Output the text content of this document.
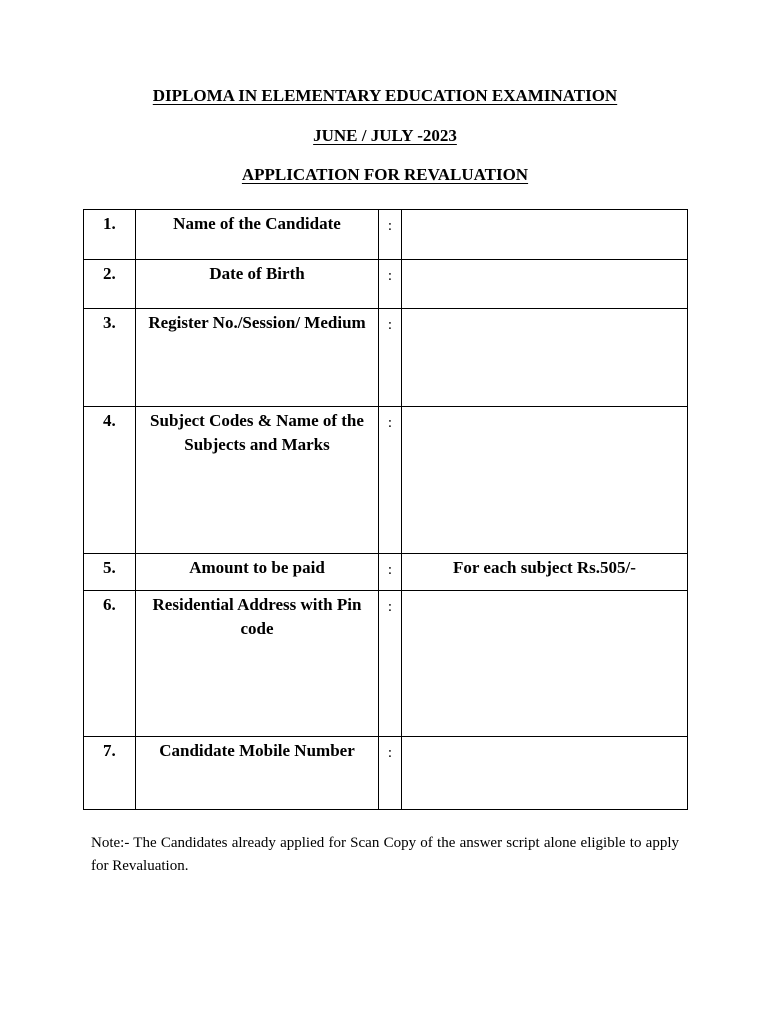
DIPLOMA IN ELEMENTARY EDUCATION EXAMINATION
JUNE / JULY -2023
APPLICATION FOR REVALUATION
1.	Name of the Candidate	:	
2.	Date of Birth	:	
3.	Register No./Session/ Medium	:	
4.	Subject Codes & Name of the Subjects and Marks	:	
5.	Amount to be paid	:	For each subject Rs.505/-
6.	Residential Address with Pin code	:	
7.	Candidate Mobile Number	:	

Note:- The Candidates already applied for Scan Copy of the answer script alone eligible to apply for Revaluation.
